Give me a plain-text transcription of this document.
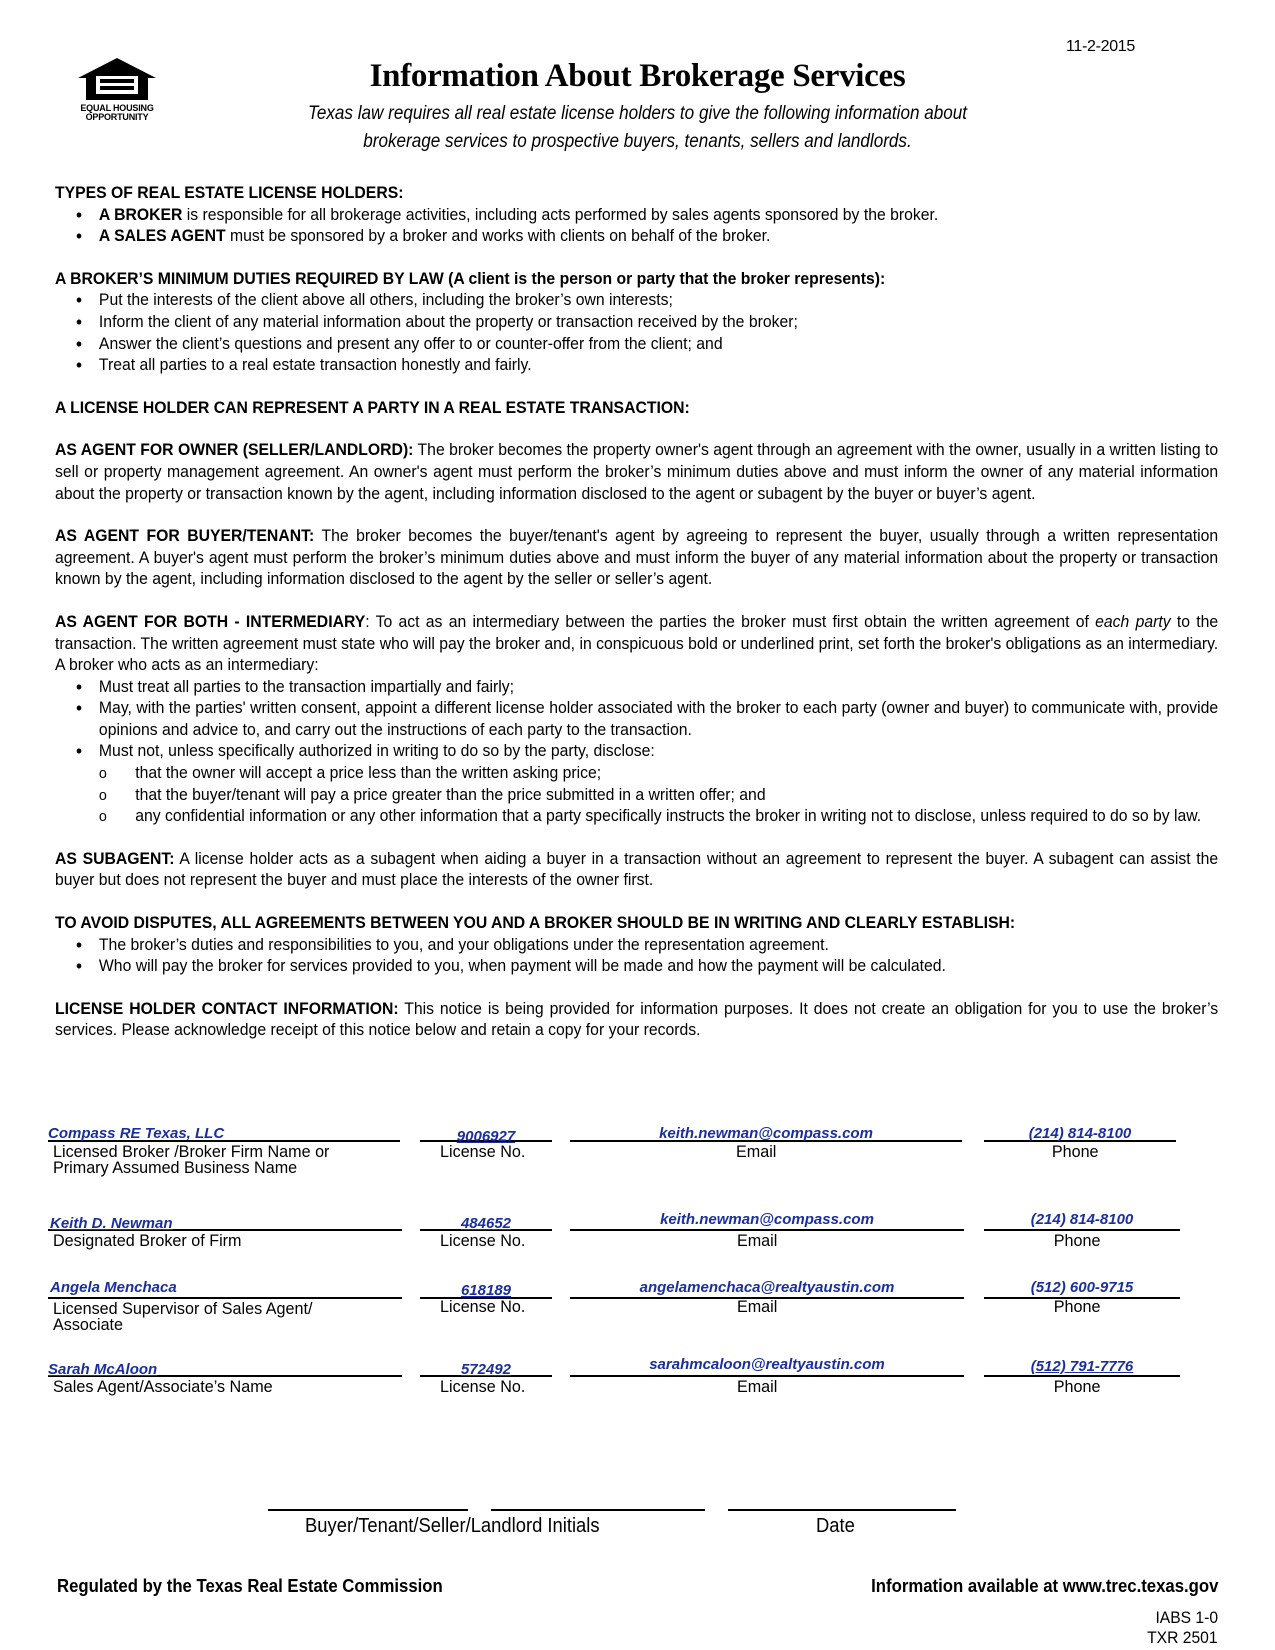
11-2-2015
EQUAL HOUSING
OPPORTUNITY
Information About Brokerage Services
Texas law requires all real estate license holders to give the following information about
brokerage services to prospective buyers, tenants, sellers and landlords.
TYPES OF REAL ESTATE LICENSE HOLDERS:
• A BROKER is responsible for all brokerage activities, including acts performed by sales agents sponsored by the broker.
• A SALES AGENT must be sponsored by a broker and works with clients on behalf of the broker.
A BROKER’S MINIMUM DUTIES REQUIRED BY LAW (A client is the person or party that the broker represents):
• Put the interests of the client above all others, including the broker’s own interests;
• Inform the client of any material information about the property or transaction received by the broker;
• Answer the client’s questions and present any offer to or counter-offer from the client; and
• Treat all parties to a real estate transaction honestly and fairly.
A LICENSE HOLDER CAN REPRESENT A PARTY IN A REAL ESTATE TRANSACTION:

AS AGENT FOR OWNER (SELLER/LANDLORD): The broker becomes the property owner's agent through an agreement with the owner, usually in a written listing to sell or property management agreement. An owner's agent must perform the broker’s minimum duties above and must inform the owner of any material information about the property or transaction known by the agent, including information disclosed to the agent or subagent by the buyer or buyer’s agent.

AS AGENT FOR BUYER/TENANT: The broker becomes the buyer/tenant's agent by agreeing to represent the buyer, usually through a written representation agreement. A buyer's agent must perform the broker’s minimum duties above and must inform the buyer of any material information about the property or transaction known by the agent, including information disclosed to the agent by the seller or seller’s agent.

AS AGENT FOR BOTH - INTERMEDIARY: To act as an intermediary between the parties the broker must first obtain the written agreement of each party to the transaction. The written agreement must state who will pay the broker and, in conspicuous bold or underlined print, set forth the broker's obligations as an intermediary. A broker who acts as an intermediary:

• Must treat all parties to the transaction impartially and fairly;
• May, with the parties' written consent, appoint a different license holder associated with the broker to each party (owner and buyer) to communicate with, provide opinions and advice to, and carry out the instructions of each party to the transaction.
• Must not, unless specifically authorized in writing to do so by the party, disclose:
o that the owner will accept a price less than the written asking price;
o that the buyer/tenant will pay a price greater than the price submitted in a written offer; and
o any confidential information or any other information that a party specifically instructs the broker in writing not to disclose, unless required to do so by law.

AS SUBAGENT: A license holder acts as a subagent when aiding a buyer in a transaction without an agreement to represent the buyer. A subagent can assist the buyer but does not represent the buyer and must place the interests of the owner first.

TO AVOID DISPUTES, ALL AGREEMENTS BETWEEN YOU AND A BROKER SHOULD BE IN WRITING AND CLEARLY ESTABLISH:
• The broker’s duties and responsibilities to you, and your obligations under the representation agreement.
• Who will pay the broker for services provided to you, when payment will be made and how the payment will be calculated.

LICENSE HOLDER CONTACT INFORMATION: This notice is being provided for information purposes. It does not create an obligation for you to use the broker’s services. Please acknowledge receipt of this notice below and retain a copy for your records.

Compass RE Texas, LLC	9006927	keith.newman@compass.com	(214) 814-8100
Licensed Broker /Broker Firm Name or
Primary Assumed Business Name
License No.	Email	Phone
Keith D. Newman	484652	keith.newman@compass.com	(214) 814-8100
Designated Broker of Firm	License No.	Email	Phone
Angela Menchaca	618189	angelamenchaca@realtyaustin.com	(512) 600-9715
Licensed Supervisor of Sales Agent/
Associate
License No.	Email	Phone
Sarah McAloon	572492	sarahmcaloon@realtyaustin.com	(512) 791-7776
Sales Agent/Associate’s Name	License No.	Email	Phone
Buyer/Tenant/Seller/Landlord Initials	Date
Regulated by the Texas Real Estate Commission	Information available at www.trec.texas.gov
IABS 1-0
TXR 2501
